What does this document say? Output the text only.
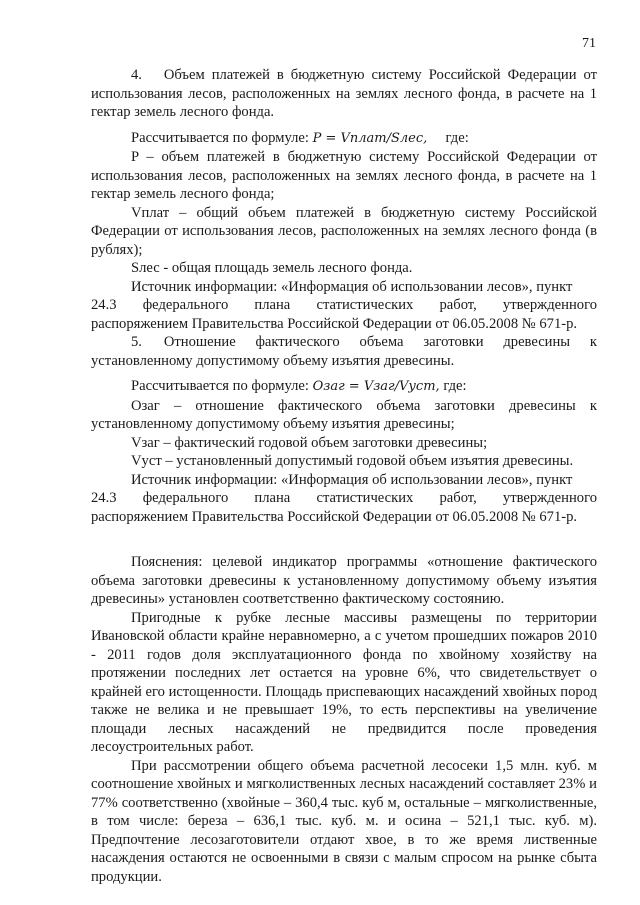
71

4.  Объем платежей в бюджетную систему Российской Федерации от использования лесов, расположенных на землях лесного фонда, в расчете на 1 гектар земель лесного фонда.

Рассчитывается по формуле: P = Vплат/Sлес, где:

P – объем платежей в бюджетную систему Российской Федерации от использования лесов, расположенных на землях лесного фонда, в расчете на 1 гектар земель лесного фонда;

Vплат – общий объем платежей в бюджетную систему Российской Федерации от использования лесов, расположенных на землях лесного фонда (в рублях);

Sлес - общая площадь земель лесного фонда.

Источник информации: «Информация об использовании лесов», пункт
24.3 федерального плана статистических работ, утвержденного
распоряжением Правительства Российской Федерации от 06.05.2008 № 671-р.

5.  Отношение фактического объема заготовки древесины к
установленному допустимому объему изъятия древесины.

Рассчитывается по формуле: Oзаг = Vзаг/Vуст, где:

Озаг – отношение фактического объема заготовки древесины к установленному допустимому объему изъятия древесины;

Vзаг – фактический годовой объем заготовки древесины;

Vуст – установленный допустимый годовой объем изъятия древесины.

Источник информации: «Информация об использовании лесов», пункт
24.3 федерального плана статистических работ, утвержденного
распоряжением Правительства Российской Федерации от 06.05.2008 № 671-р.

Пояснения: целевой индикатор программы «отношение фактического объема заготовки древесины к установленному допустимому объему изъятия древесины» установлен соответственно фактическому состоянию.

Пригодные к рубке лесные массивы размещены по территории Ивановской области крайне неравномерно, а с учетом прошедших пожаров 2010 - 2011 годов доля эксплуатационного фонда по хвойному хозяйству на протяжении последних лет остается на уровне 6%, что свидетельствует о крайней его истощенности. Площадь приспевающих насаждений хвойных пород также не велика и не превышает 19%, то есть перспективы на увеличение площади лесных насаждений не предвидится после проведения лесоустроительных работ.

При рассмотрении общего объема расчетной лесосеки 1,5 млн. куб. м соотношение хвойных и мягколиственных лесных насаждений составляет 23% и 77% соответственно (хвойные – 360,4 тыс. куб м, остальные – мягколиственные, в том числе: береза – 636,1 тыс. куб. м. и осина – 521,1 тыс. куб. м). Предпочтение лесозаготовители отдают хвое, в то же время лиственные насаждения остаются не освоенными в связи с малым спросом на рынке сбыта продукции.
